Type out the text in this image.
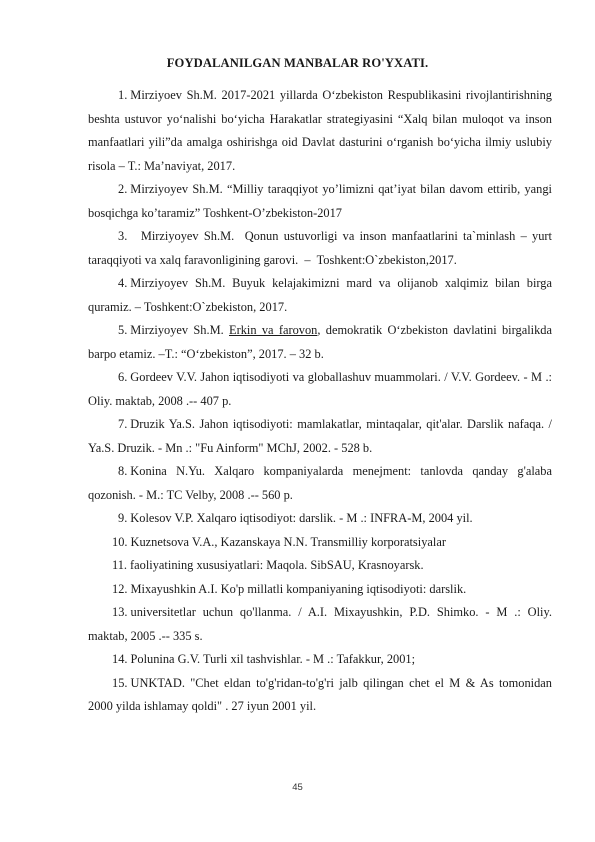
FOYDALANILGAN MANBALAR RO'YXATI.

1. Mirziyoev Sh.M. 2017-2021 yillarda O‘zbekiston Respublikasini rivojlantirishning beshta ustuvor yo‘nalishi bo‘yicha Harakatlar strategiyasini “Xalq bilan muloqot va inson manfaatlari yili”da amalga oshirishga oid Davlat dasturini o‘rganish bo‘yicha ilmiy uslubiy risola – T.: Ma’naviyat, 2017.

2. Mirziyoyev Sh.M. “Milliy taraqqiyot yo’limizni qat’iyat bilan davom ettirib, yangi bosqichga ko’taramiz” Toshkent-O’zbekiston-2017

3.  Mirziyoyev Sh.M.  Qonun ustuvorligi va inson manfaatlarini ta`minlash – yurt taraqqiyoti va xalq faravonligining garovi.  –  Toshkent:O`zbekiston,2017.

4. Mirziyoyev Sh.M. Buyuk kelajakimizni mard va olijanob xalqimiz bilan birga quramiz. – Toshkent:O`zbekiston, 2017.

5. Mirziyoyev Sh.M. Erkin va farovon, demokratik O‘zbekiston davlatini birgalikda barpo etamiz. –T.: “O‘zbekiston”, 2017. – 32 b.

6. Gordeev V.V. Jahon iqtisodiyoti va globallashuv muammolari. / V.V. Gordeev. - M .: Oliy. maktab, 2008 .-- 407 p.

7. Druzik Ya.S. Jahon iqtisodiyoti: mamlakatlar, mintaqalar, qit'alar. Darslik nafaqa. / Ya.S. Druzik. - Mn .: "Fu Ainform" MChJ, 2002. - 528 b.

8. Konina N.Yu. Xalqaro kompaniyalarda menejment: tanlovda qanday g'alaba qozonish. - M.: TC Velby, 2008 .-- 560 p.

9. Kolesov V.P. Xalqaro iqtisodiyot: darslik. - M .: INFRA-M, 2004 yil.

10. Kuznetsova V.A., Kazanskaya N.N. Transmilliy korporatsiyalar

11. faoliyatining xususiyatlari: Maqola. SibSAU, Krasnoyarsk.

12. Mixayushkin A.I. Ko'p millatli kompaniyaning iqtisodiyoti: darslik.

13. universitetlar uchun qo'llanma. / A.I. Mixayushkin, P.D. Shimko. - M .: Oliy. maktab, 2005 .-- 335 s.

14. Polunina G.V. Turli xil tashvishlar. - M .: Tafakkur, 2001;

15. UNKTAD. "Chet eldan to'g'ridan-to'g'ri jalb qilingan chet el M & As tomonidan 2000 yilda ishlamay qoldi" . 27 iyun 2001 yil.

45
